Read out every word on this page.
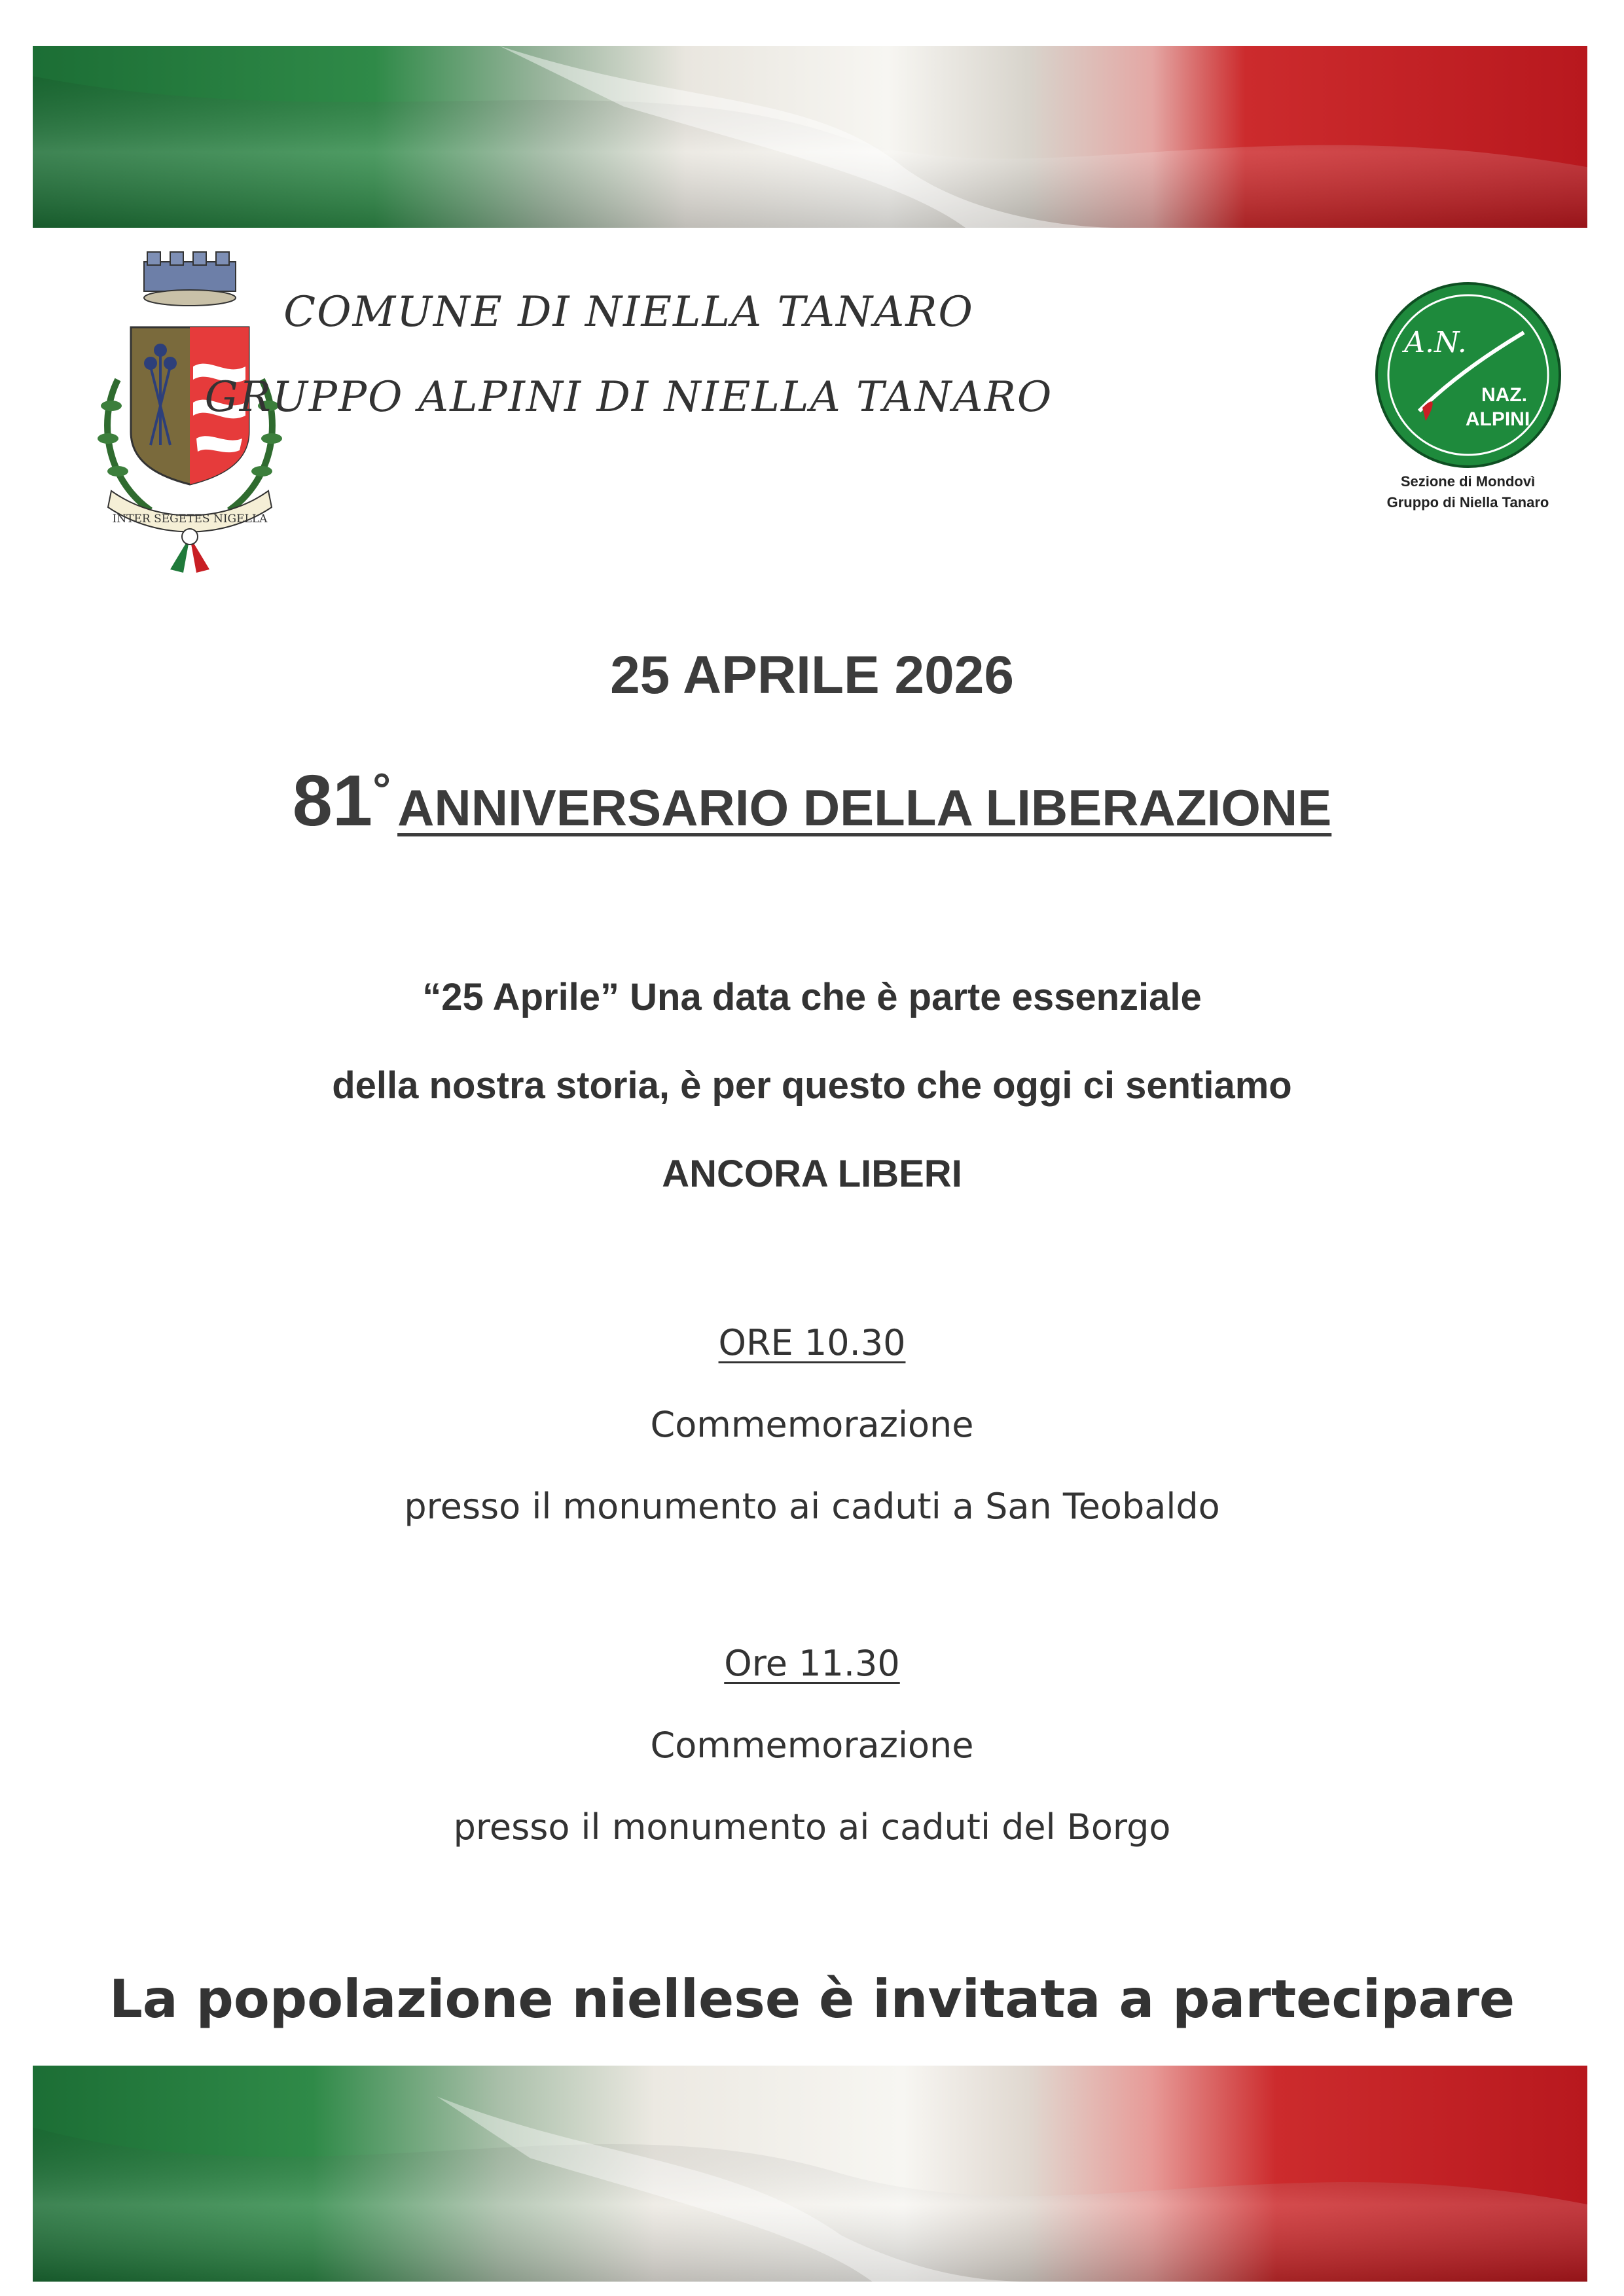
INTER SEGETES NIGELLA
COMUNE DI NIELLA TANARO
GRUPPO ALPINI DI NIELLA TANARO
A.N.
NAZ.
ALPINI
Sezione di Mondovì
Gruppo di Niella Tanaro
25 APRILE 2026
81° ANNIVERSARIO DELLA LIBERAZIONE
“25 Aprile” Una data che è parte essenziale
della nostra storia, è per questo che oggi ci sentiamo
ANCORA LIBERI
ORE 10.30
Commemorazione
presso il monumento ai caduti a San Teobaldo
Ore 11.30
Commemorazione
presso il monumento ai caduti del Borgo
La popolazione niellese è invitata a partecipare
